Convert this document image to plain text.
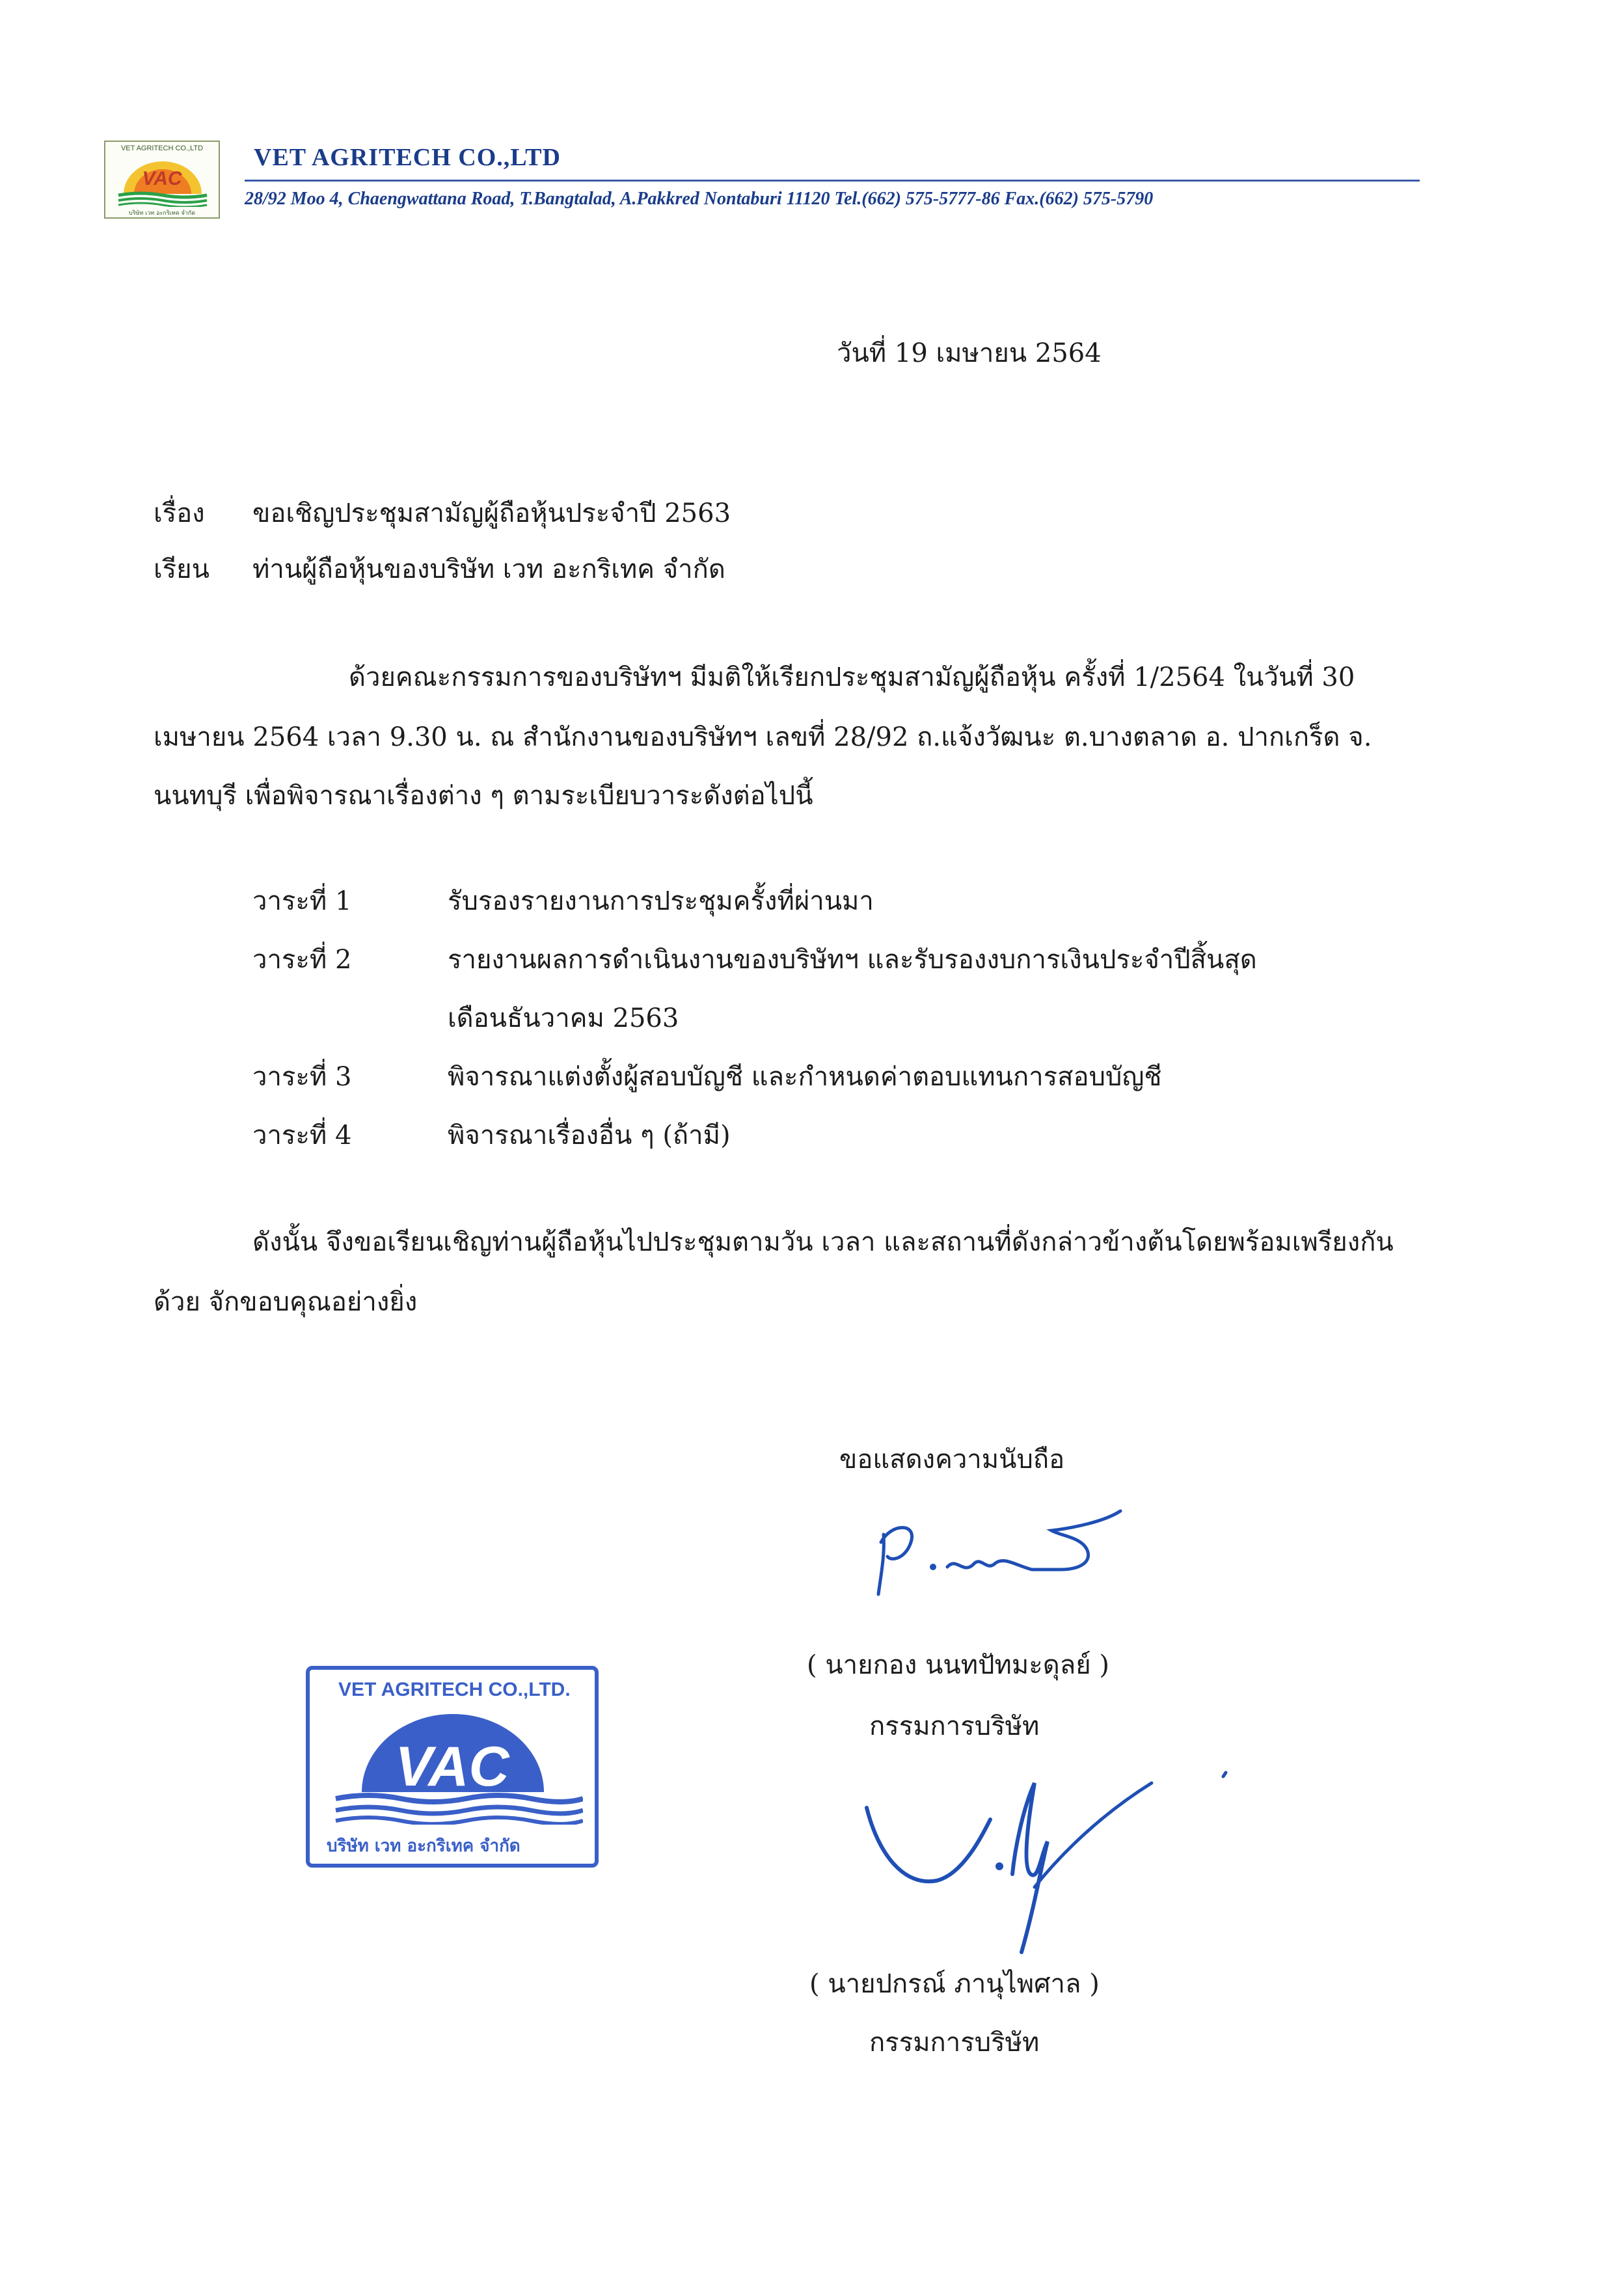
VET AGRITECH CO.,LTD
VAC
บริษัท เวท อะกริเทค จำกัด
VET AGRITECH CO.,LTD
28/92 Moo 4, Chaengwattana Road, T.Bangtalad, A.Pakkred Nontaburi 11120 Tel.(662) 575-5777-86 Fax.(662) 575-5790
วันที่ 19 เมษายน 2564
เรื่อง ขอเชิญประชุมสามัญผู้ถือหุ้นประจำปี 2563
เรียน ท่านผู้ถือหุ้นของบริษัท เวท อะกริเทค จำกัด
ด้วยคณะกรรมการของบริษัทฯ มีมติให้เรียกประชุมสามัญผู้ถือหุ้น ครั้งที่ 1/2564 ในวันที่ 30
เมษายน 2564 เวลา 9.30 น. ณ สำนักงานของบริษัทฯ เลขที่ 28/92 ถ.แจ้งวัฒนะ ต.บางตลาด อ. ปากเกร็ด จ.
นนทบุรี เพื่อพิจารณาเรื่องต่าง ๆ ตามระเบียบวาระดังต่อไปนี้
วาระที่ 1	รับรองรายงานการประชุมครั้งที่ผ่านมา
วาระที่ 2	รายงานผลการดำเนินงานของบริษัทฯ และรับรองงบการเงินประจำปีสิ้นสุด
เดือนธันวาคม 2563
วาระที่ 3	พิจารณาแต่งตั้งผู้สอบบัญชี และกำหนดค่าตอบแทนการสอบบัญชี
วาระที่ 4	พิจารณาเรื่องอื่น ๆ (ถ้ามี)
ดังนั้น จึงขอเรียนเชิญท่านผู้ถือหุ้นไปประชุมตามวัน เวลา และสถานที่ดังกล่าวข้างต้นโดยพร้อมเพรียงกัน
ด้วย จักขอบคุณอย่างยิ่ง
ขอแสดงความนับถือ
( นายกอง นนทปัทมะดุลย์ )
กรรมการบริษัท
VET AGRITECH CO.,LTD.
VAC
บริษัท เวท อะกริเทค จำกัด
( นายปกรณ์ ภานุไพศาล )
กรรมการบริษัท
